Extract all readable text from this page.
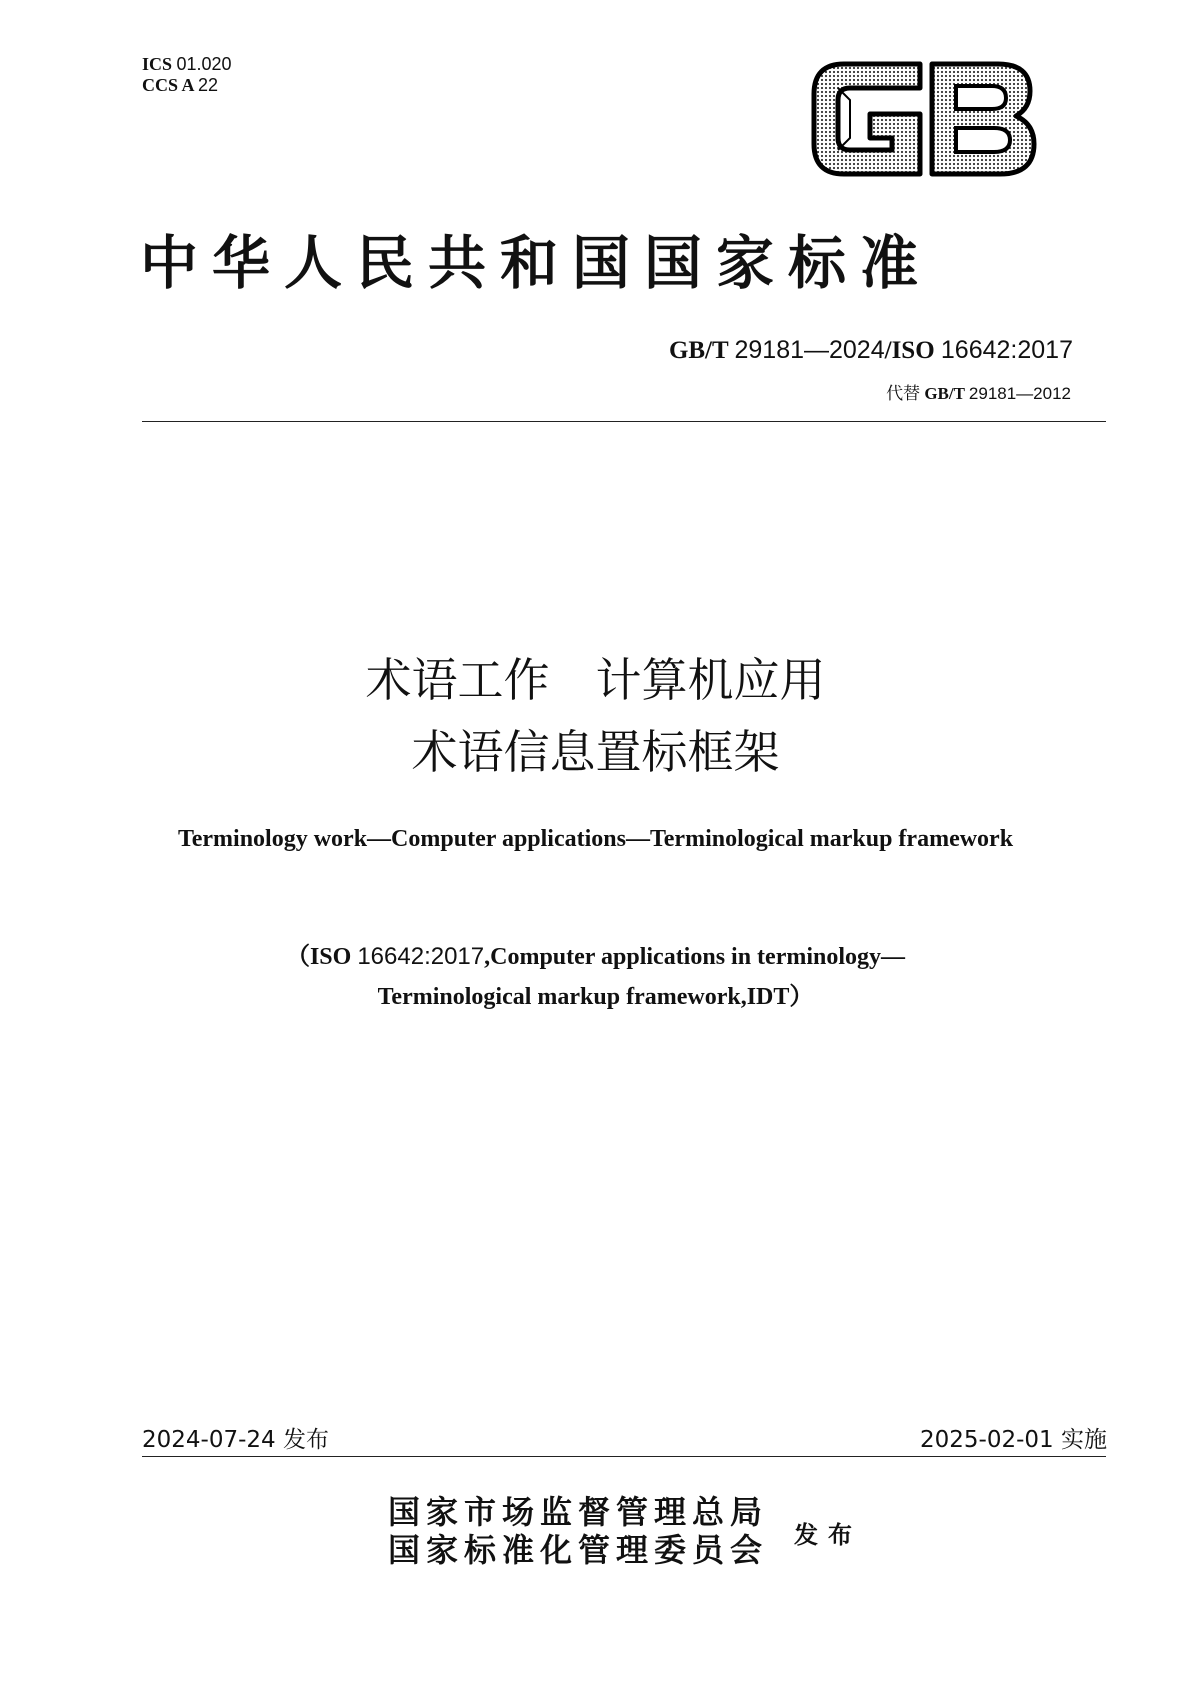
ICS 01.020
CCS A 22
中华人民共和国国家标准
GB/T 29181—2024/ISO 16642:2017
代替 GB/T 29181—2012
术语工作　计算机应用
术语信息置标框架
Terminology work—Computer applications—Terminological markup framework
（ISO 16642:2017,Computer applications in terminology—
Terminological markup framework,IDT）
2024-07-24 发布	2025-02-01 实施
国家市场监督管理总局
国家标准化管理委员会 发布
